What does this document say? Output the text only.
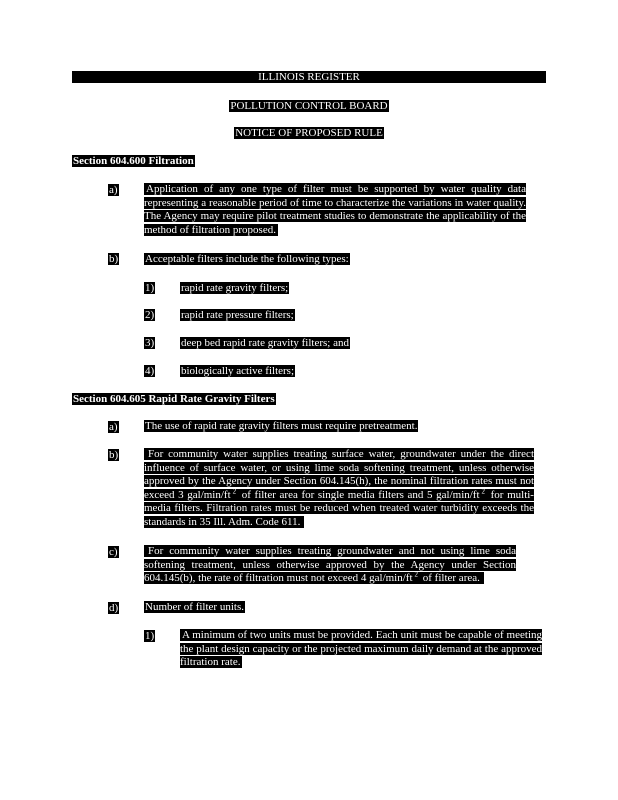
ILLINOIS REGISTER
POLLUTION CONTROL BOARD
NOTICE OF PROPOSED RULE
Section 604.600 Filtration
a)	Application of any one type of filter must be supported by water quality data representing a reasonable period of time to characterize the variations in water quality. The Agency may require pilot treatment studies to demonstrate the applicability of the method of filtration proposed.
b) Acceptable filters include the following types:
1) rapid rate gravity filters;
2) rapid rate pressure filters;
3) deep bed rapid rate gravity filters; and
4) biologically active filters;
Section 604.605 Rapid Rate Gravity Filters
a) The use of rapid rate gravity filters must require pretreatment.
b)	For community water supplies treating surface water, groundwater under the direct influence of surface water, or using lime soda softening treatment, unless otherwise approved by the Agency under Section 604.145(h), the nominal filtration rates must not exceed 3 gal/min/ft $^2$ of filter area for single media filters and 5 gal/min/ft $^2$ for multi-media filters. Filtration rates must be reduced when treated water turbidity exceeds the standards in 35 Ill. Adm. Code 611.
c)	For community water supplies treating groundwater and not using lime soda softening treatment, unless otherwise approved by the Agency under Section 604.145(b), the rate of filtration must not exceed 4 gal/min/ft $^2$ of filter area.
d) Number of filter units.
1)	A minimum of two units must be provided. Each unit must be capable of meeting the plant design capacity or the projected maximum daily demand at the approved filtration rate.
